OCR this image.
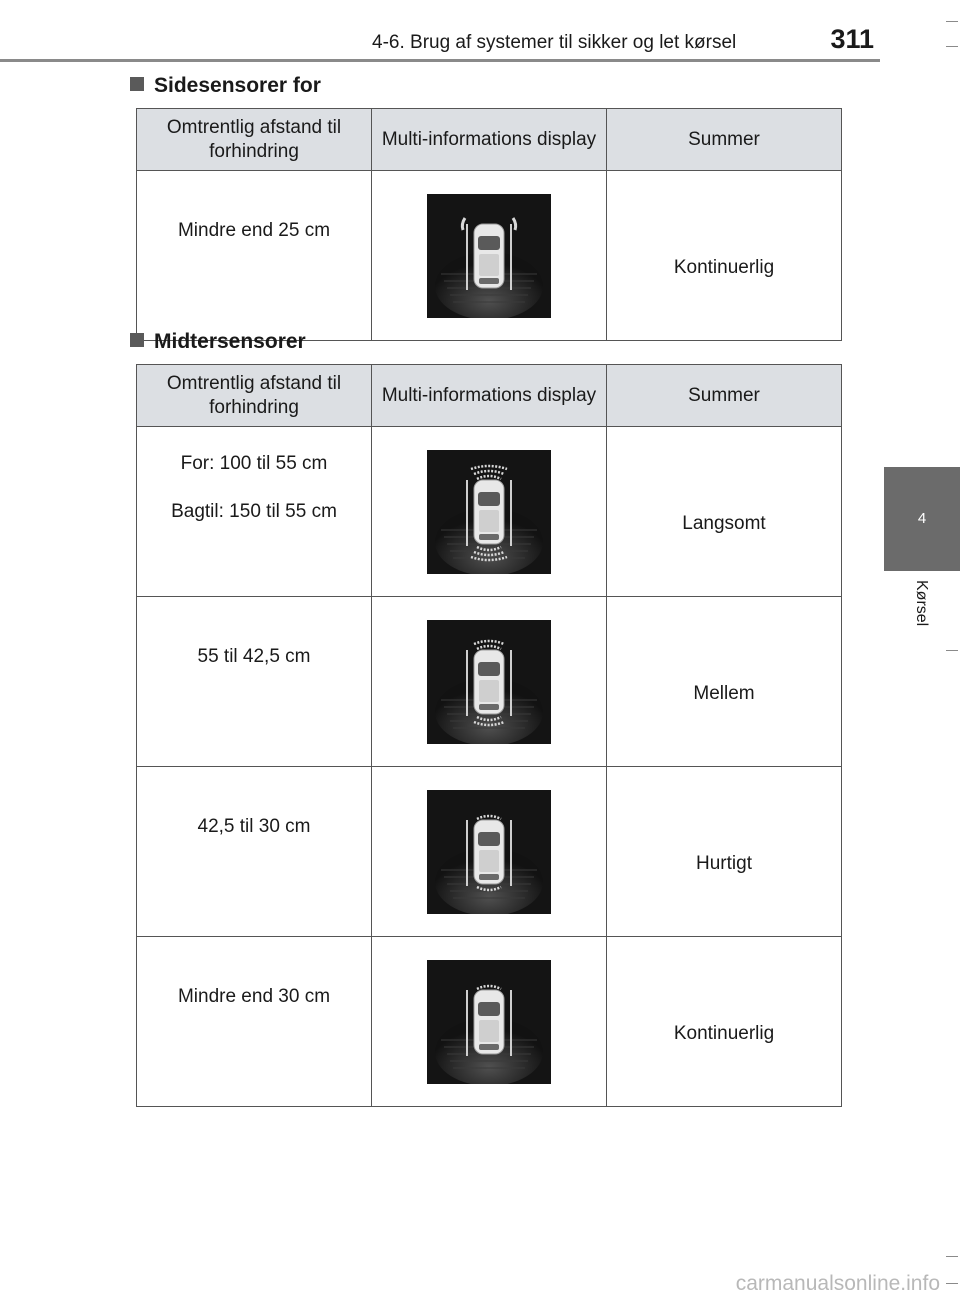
4-6. Brug af systemer til sikker og let kørsel	311
4
Kørsel
Sidesensorer for
Omtrentlig afstand til forhindring	Multi-informations display	Summer

Mindre end 25 cm		Kontinuerlig
Midtersensorer
Omtrentlig afstand til forhindring	Multi-informations display	Summer

For: 100 til 55 cm
Bagtil: 150 til 55 cm		Langsomt

55 til 42,5 cm		Mellem

42,5 til 30 cm		Hurtigt

Mindre end 30 cm		Kontinuerlig
carmanualsonline.info
